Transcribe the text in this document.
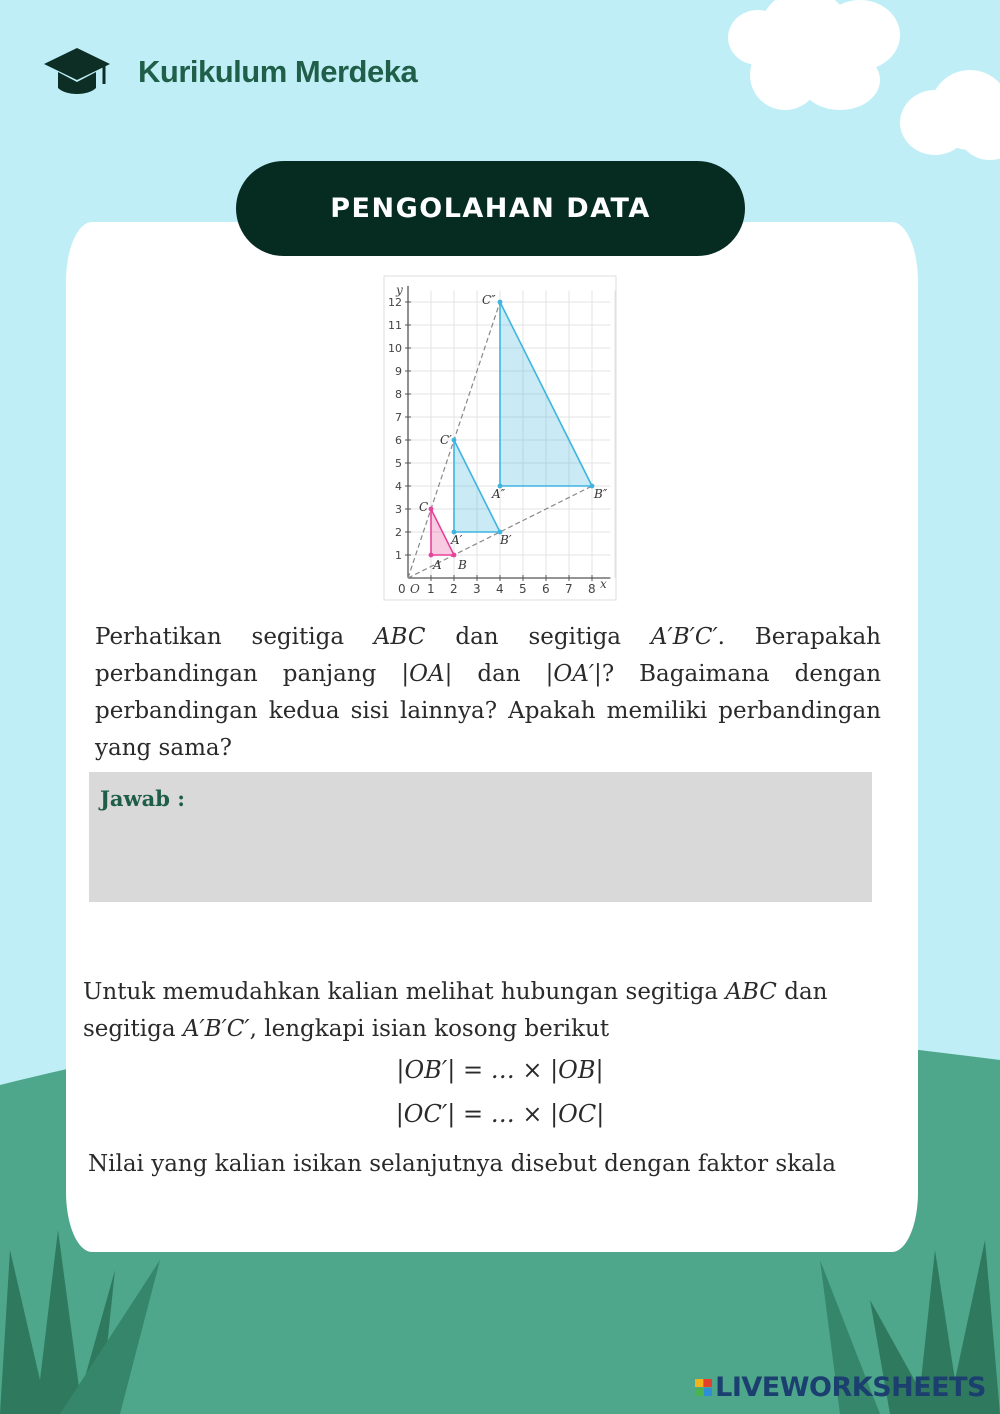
Kurikulum Merdeka
PENGOLAHAN DATA
x
y
0 1 2 3 4 5 6 7 8
O
1
2
3
4
5
6
7
8
9
10
11
12
A B
C
A′	B′
C′
A″	B″
C″
Perhatikan segitiga ABC dan segitiga A′B′C′. Berapakah perbandingan panjang |OA| dan |OA′|? Bagaimana dengan perbandingan kedua sisi lainnya? Apakah memiliki perbandingan yang sama?
Jawab :
Untuk memudahkan kalian melihat hubungan segitiga ABC dan segitiga A′B′C′, lengkapi isian kosong berikut
|OB′| = … × |OB|
|OC′| = … × |OC|
Nilai yang kalian isikan selanjutnya disebut dengan faktor skala
LIVEWORKSHEETS
